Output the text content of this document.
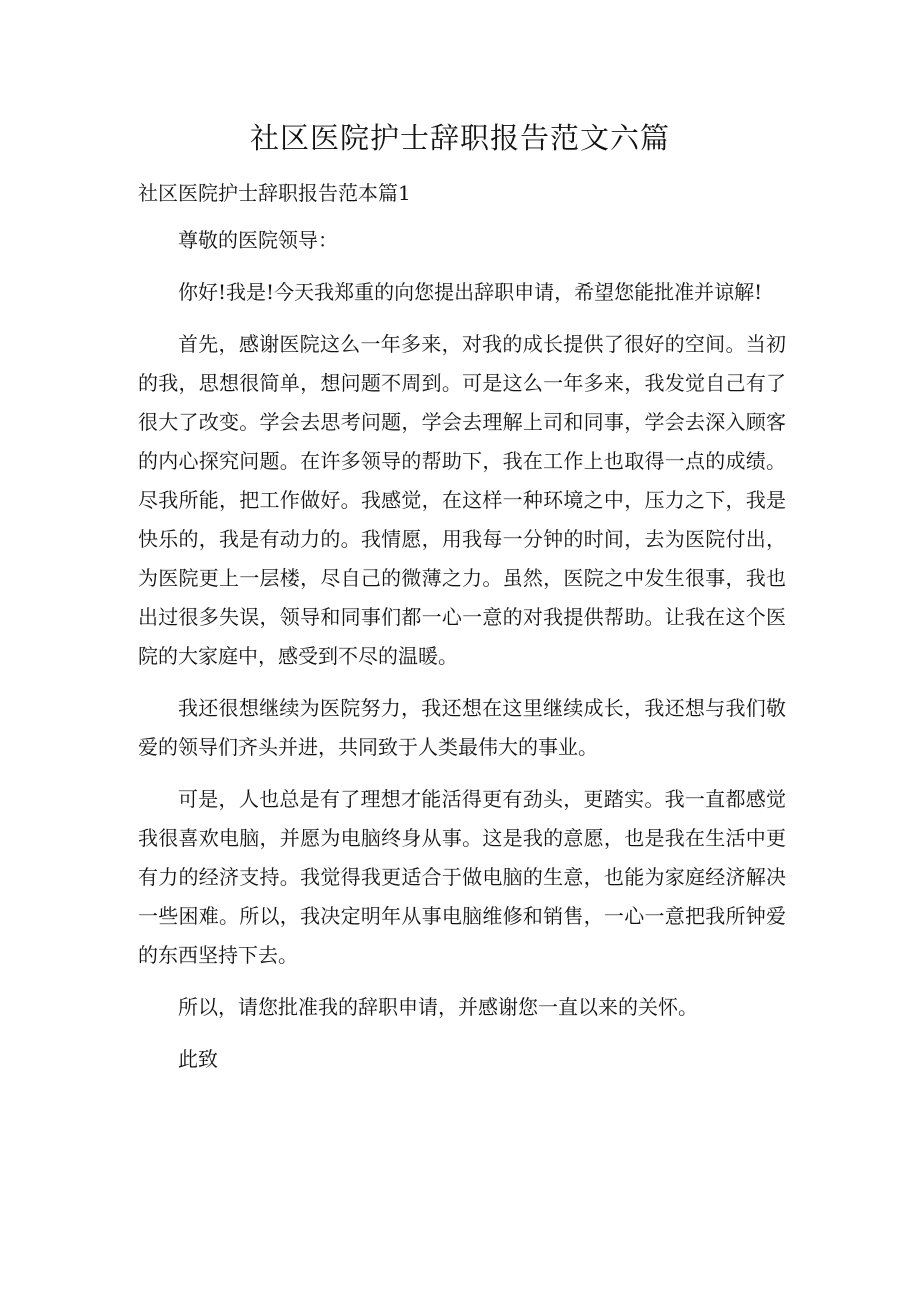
社区医院护士辞职报告范文六篇

社区医院护士辞职报告范本篇1

尊敬的医院领导：

你好!我是!今天我郑重的向您提出辞职申请，希望您能批准并谅解!

首先，感谢医院这么一年多来，对我的成长提供了很好的空间。当初的我，思想很简单，想问题不周到。可是这么一年多来，我发觉自己有了很大了改变。学会去思考问题，学会去理解上司和同事，学会去深入顾客的内心探究问题。在许多领导的帮助下，我在工作上也取得一点的成绩。尽我所能，把工作做好。我感觉，在这样一种环境之中，压力之下，我是快乐的，我是有动力的。我情愿，用我每一分钟的时间，去为医院付出，为医院更上一层楼，尽自己的微薄之力。虽然，医院之中发生很事，我也出过很多失误，领导和同事们都一心一意的对我提供帮助。让我在这个医院的大家庭中，感受到不尽的温暖。

我还很想继续为医院努力，我还想在这里继续成长，我还想与我们敬爱的领导们齐头并进，共同致于人类最伟大的事业。

可是，人也总是有了理想才能活得更有劲头，更踏实。我一直都感觉我很喜欢电脑，并愿为电脑终身从事。这是我的意愿，也是我在生活中更有力的经济支持。我觉得我更适合于做电脑的生意，也能为家庭经济解决一些困难。所以，我决定明年从事电脑维修和销售，一心一意把我所钟爱的东西坚持下去。

所以，请您批准我的辞职申请，并感谢您一直以来的关怀。

此致
